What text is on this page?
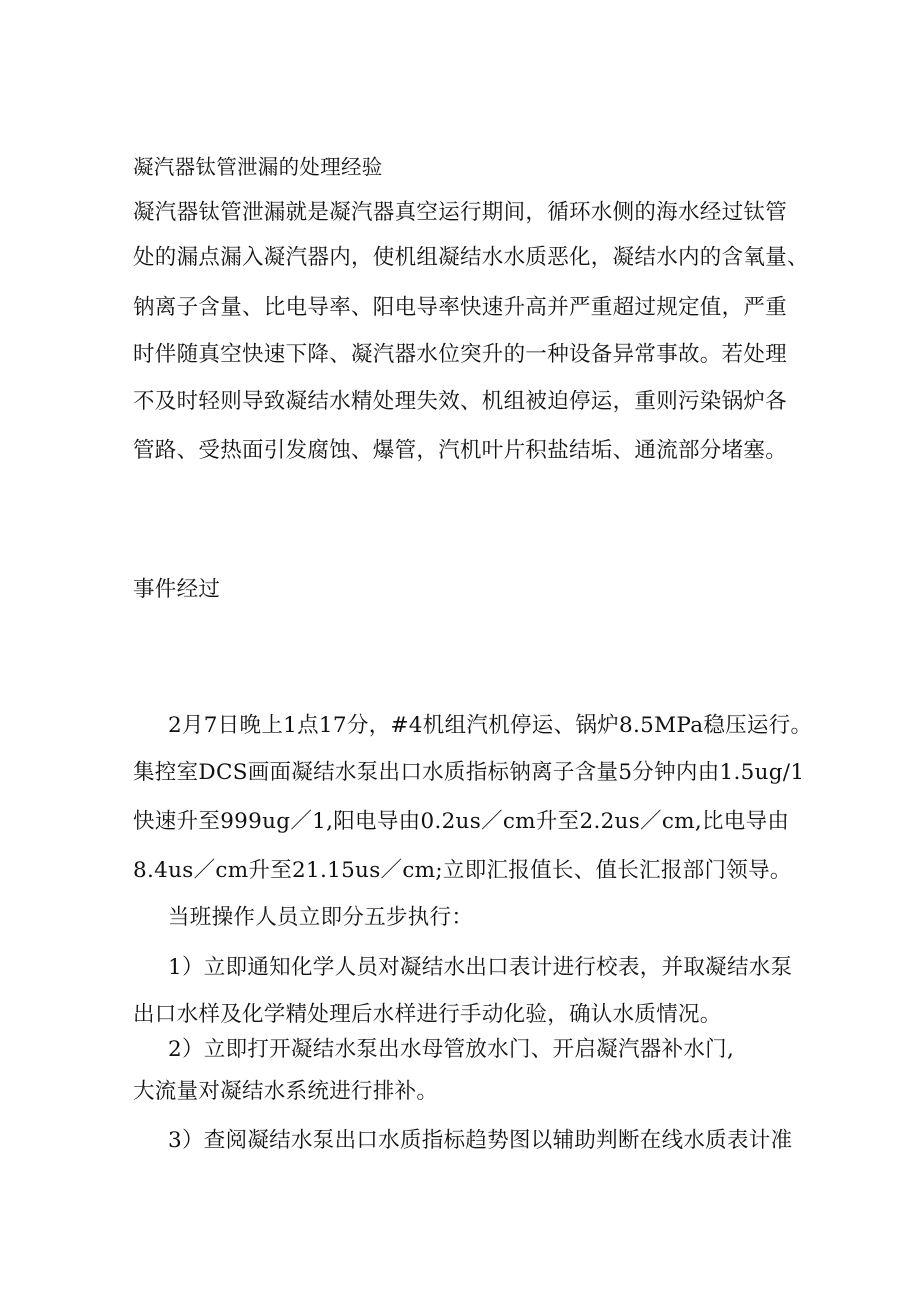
凝汽器钛管泄漏的处理经验
凝汽器钛管泄漏就是凝汽器真空运行期间，循环水侧的海水经过钛管
处的漏点漏入凝汽器内，使机组凝结水水质恶化，凝结水内的含氧量、
钠离子含量、比电导率、阳电导率快速升高并严重超过规定值，严重
时伴随真空快速下降、凝汽器水位突升的一种设备异常事故。若处理
不及时轻则导致凝结水精处理失效、机组被迫停运，重则污染锅炉各
管路、受热面引发腐蚀、爆管，汽机叶片积盐结垢、通流部分堵塞。
事件经过
2月7日晚上1点17分，#4机组汽机停运、锅炉8.5MPa稳压运行。
集控室DCS画面凝结水泵出口水质指标钠离子含量5分钟内由1.5ug/1
快速升至999ug／1,阳电导由0.2us／cm升至2.2us／cm,比电导由
8.4us／cm升至21.15us／cm;立即汇报值长、值长汇报部门领导。
当班操作人员立即分五步执行：
1）立即通知化学人员对凝结水出口表计进行校表，并取凝结水泵
出口水样及化学精处理后水样进行手动化验，确认水质情况。
2）立即打开凝结水泵出水母管放水门、开启凝汽器补水门,
大流量对凝结水系统进行排补。
3）查阅凝结水泵出口水质指标趋势图以辅助判断在线水质表计准
